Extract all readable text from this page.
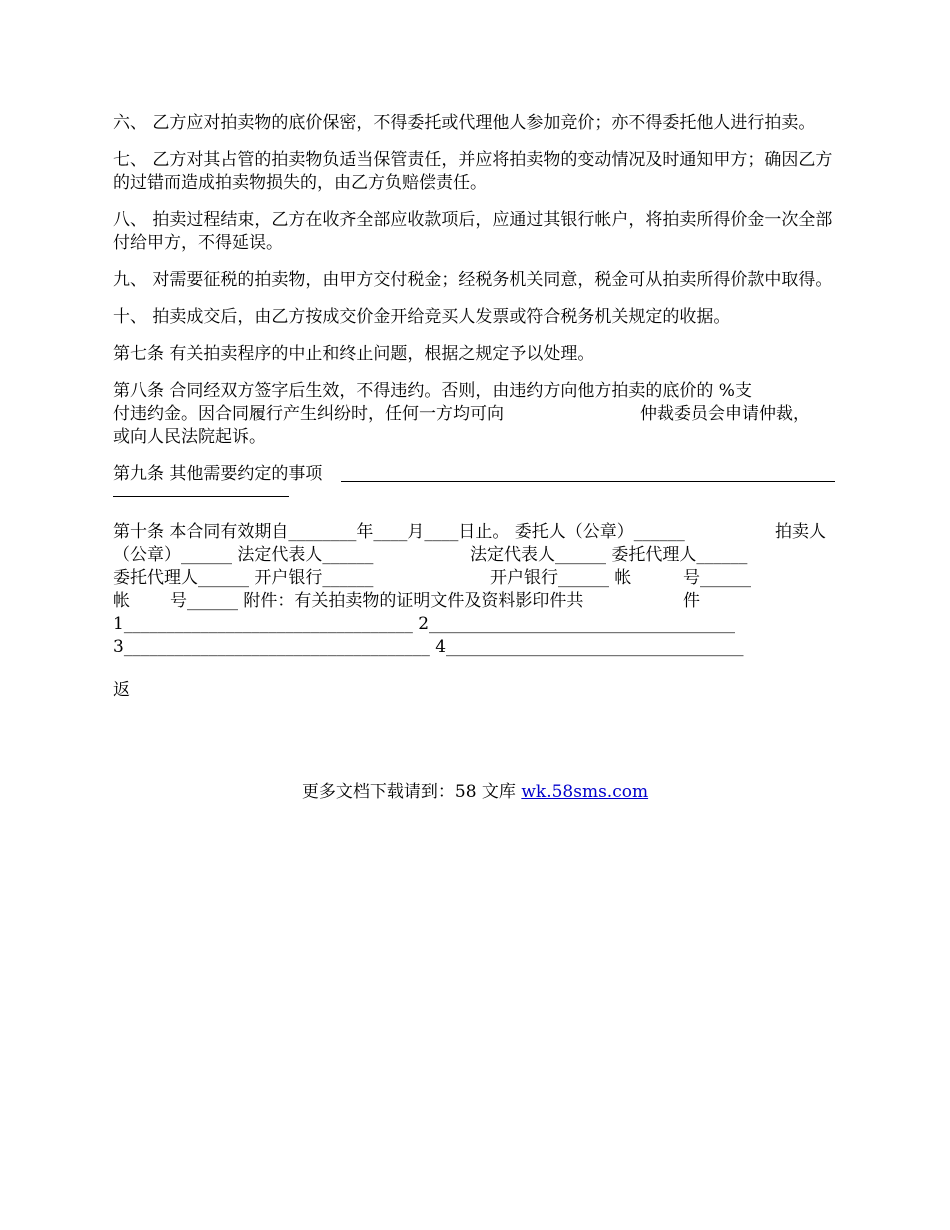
六、 乙方应对拍卖物的底价保密，不得委托或代理他人参加竞价；亦不得委托他人进行拍卖。

七、 乙方对其占管的拍卖物负适当保管责任，并应将拍卖物的变动情况及时通知甲方；确因乙方的过错而造成拍卖物损失的，由乙方负赔偿责任。

八、 拍卖过程结束，乙方在收齐全部应收款项后，应通过其银行帐户，将拍卖所得价金一次全部付给甲方，不得延误。

九、 对需要征税的拍卖物，由甲方交付税金；经税务机关同意，税金可从拍卖所得价款中取得。

十、 拍卖成交后，由乙方按成交价金开给竞买人发票或符合税务机关规定的收据。

第七条 有关拍卖程序的中止和终止问题，根据之规定予以处理。

第八条 合同经双方签字后生效，不得违约。否则，由违约方向他方拍卖的底价的 %支

付违约金。因合同履行产生纠纷时，任何一方均可向

	仲裁委员会申请仲裁，

或向人民法院起诉。

第九条 其他需要约定的事项

第十条 本合同有效期自________年____月____日止。 委托人（公章）______

	拍卖人

（公章）______ 法定代表人______

	法定代表人______ 委托代理人______

委托代理人______ 开户银行______

	开户银行______ 帐

	号______

帐

号______ 附件：有关拍卖物的证明文件及资料影印件共

	件

1__________________________________ 2____________________________________

3____________________________________ 4___________________________________

返

更多文档下载请到：58 文库 wk.58sms.com
